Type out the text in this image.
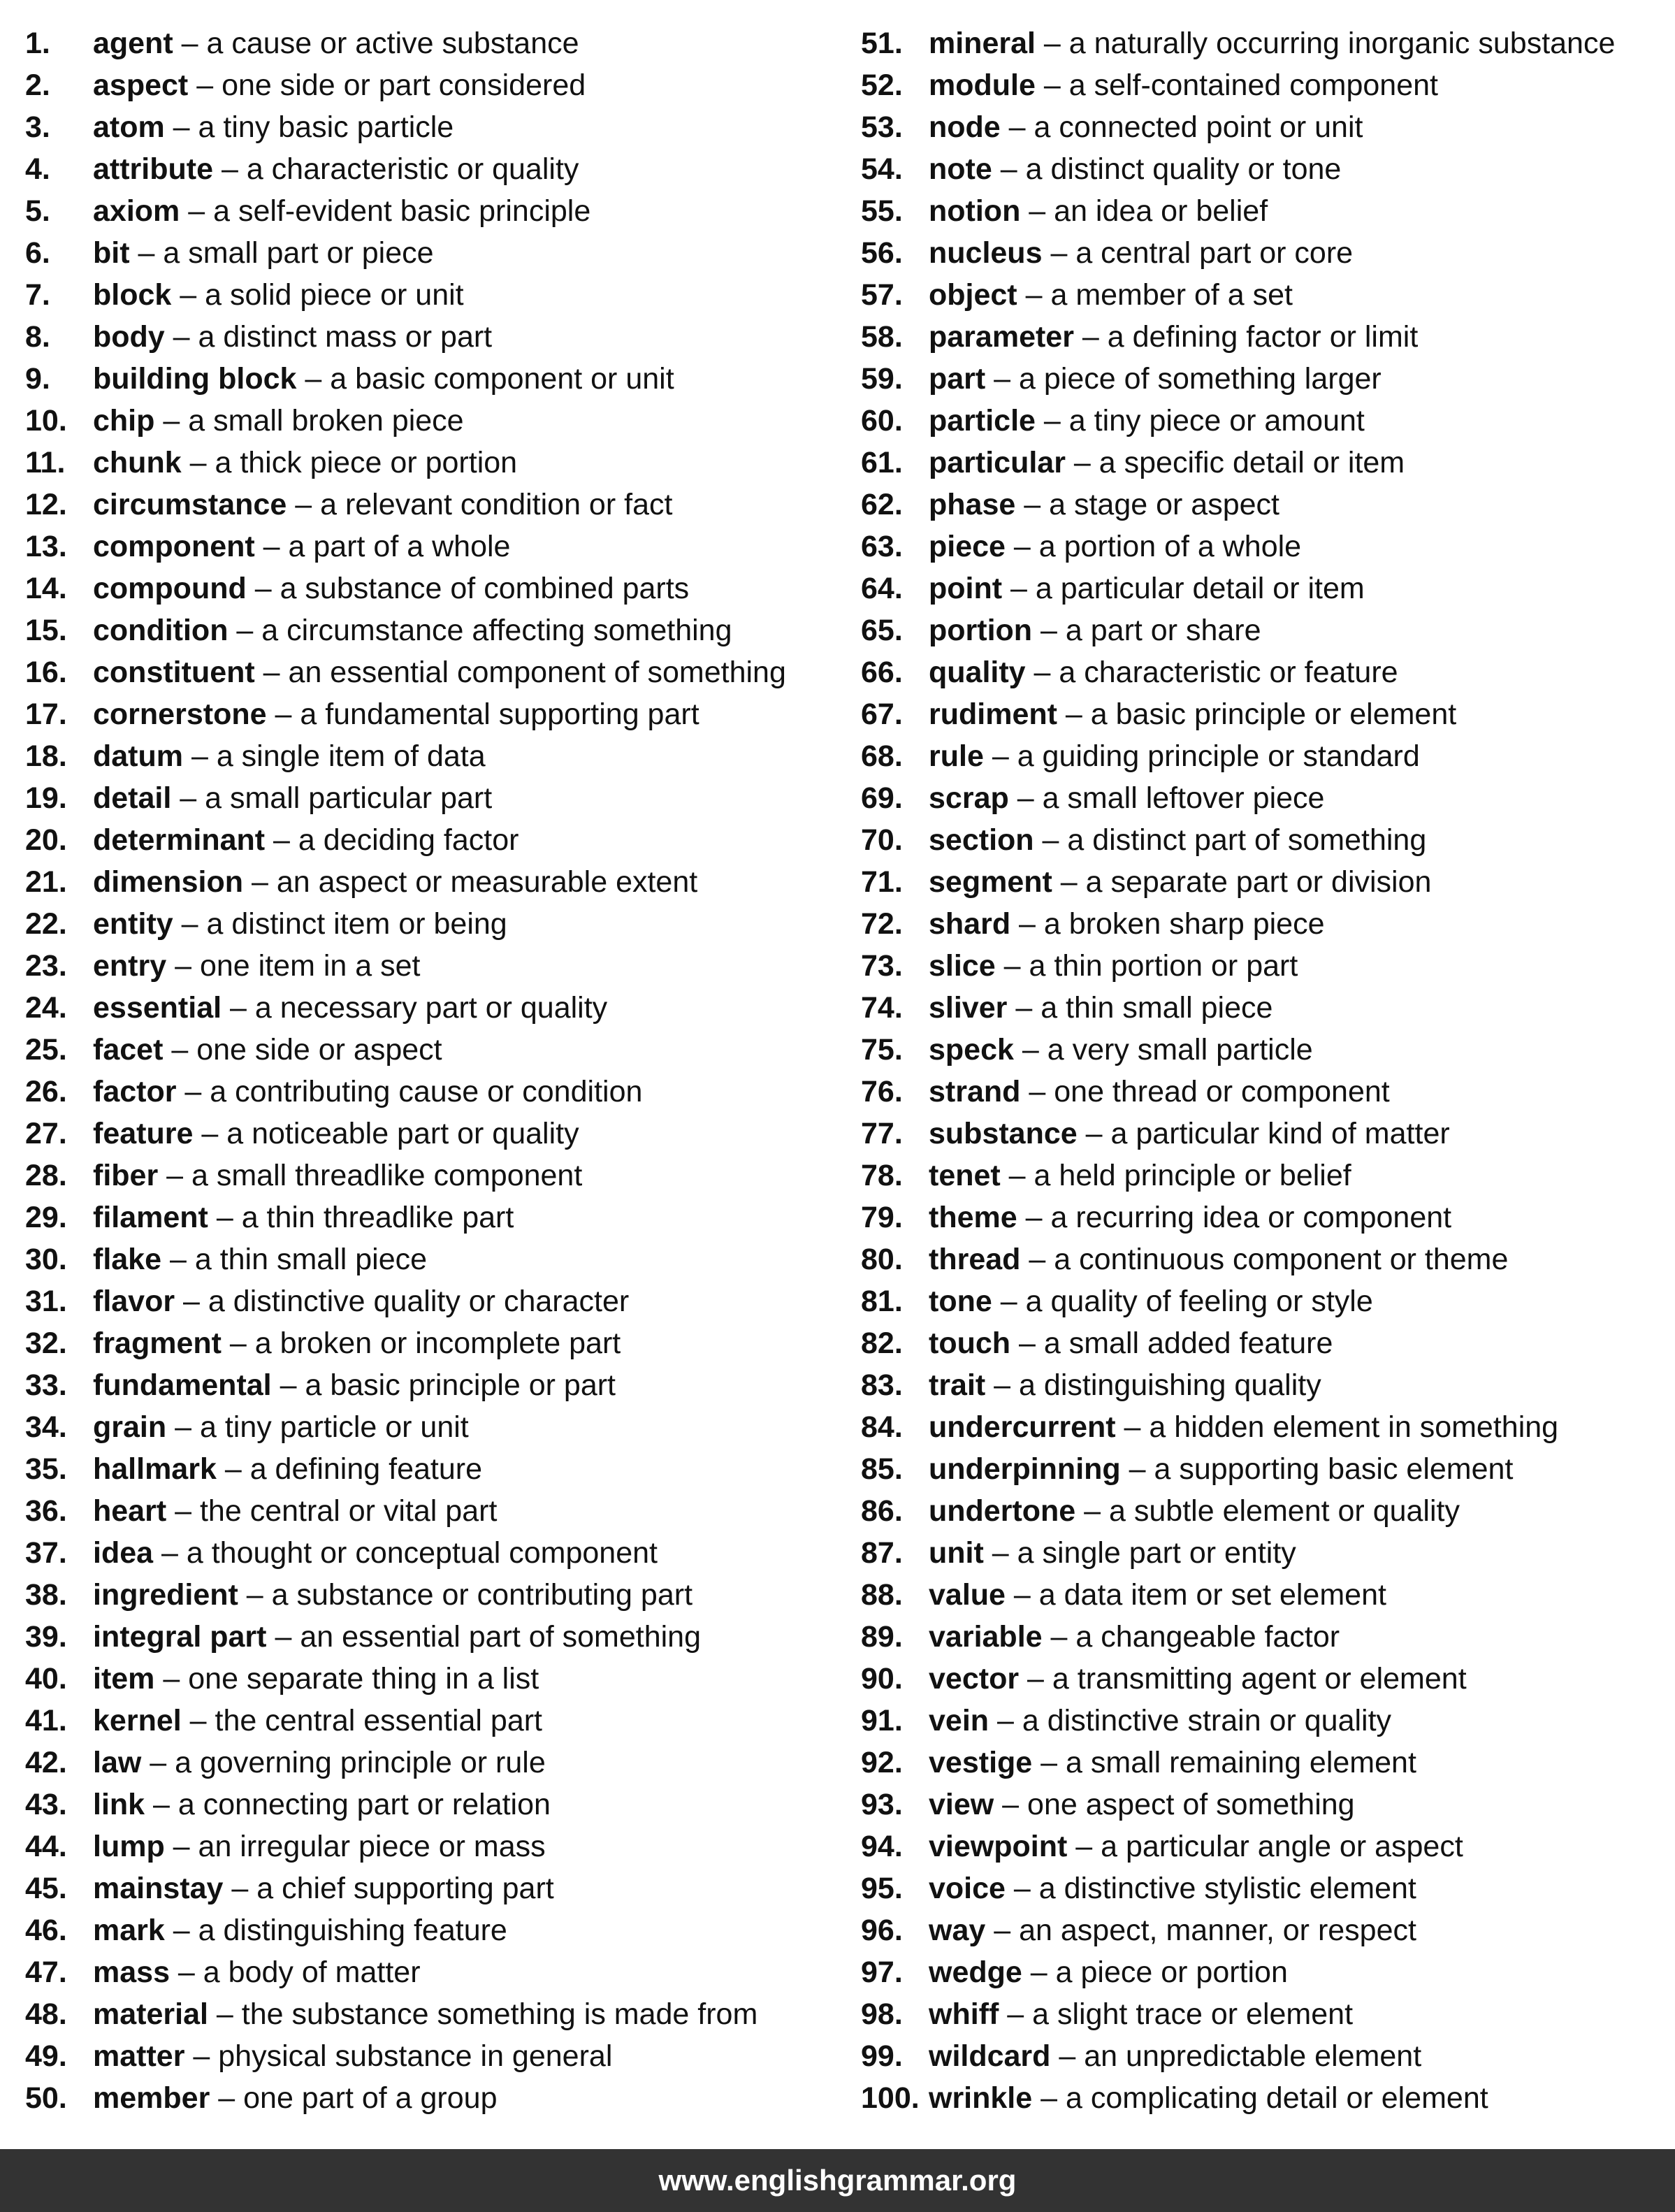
1. agent – a cause or active substance
2. aspect – one side or part considered
3. atom – a tiny basic particle
4. attribute – a characteristic or quality
5. axiom – a self-evident basic principle
6. bit – a small part or piece
7. block – a solid piece or unit
8. body – a distinct mass or part
9. building block – a basic component or unit
10. chip – a small broken piece
11. chunk – a thick piece or portion
12. circumstance – a relevant condition or fact
13. component – a part of a whole
14. compound – a substance of combined parts
15. condition – a circumstance affecting something
16. constituent – an essential component of something
17. cornerstone – a fundamental supporting part
18. datum – a single item of data
19. detail – a small particular part
20. determinant – a deciding factor
21. dimension – an aspect or measurable extent
22. entity – a distinct item or being
23. entry – one item in a set
24. essential – a necessary part or quality
25. facet – one side or aspect
26. factor – a contributing cause or condition
27. feature – a noticeable part or quality
28. fiber – a small threadlike component
29. filament – a thin threadlike part
30. flake – a thin small piece
31. flavor – a distinctive quality or character
32. fragment – a broken or incomplete part
33. fundamental – a basic principle or part
34. grain – a tiny particle or unit
35. hallmark – a defining feature
36. heart – the central or vital part
37. idea – a thought or conceptual component
38. ingredient – a substance or contributing part
39. integral part – an essential part of something
40. item – one separate thing in a list
41. kernel – the central essential part
42. law – a governing principle or rule
43. link – a connecting part or relation
44. lump – an irregular piece or mass
45. mainstay – a chief supporting part
46. mark – a distinguishing feature
47. mass – a body of matter
48. material – the substance something is made from
49. matter – physical substance in general
50. member – one part of a group
51. mineral – a naturally occurring inorganic substance
52. module – a self-contained component
53. node – a connected point or unit
54. note – a distinct quality or tone
55. notion – an idea or belief
56. nucleus – a central part or core
57. object – a member of a set
58. parameter – a defining factor or limit
59. part – a piece of something larger
60. particle – a tiny piece or amount
61. particular – a specific detail or item
62. phase – a stage or aspect
63. piece – a portion of a whole
64. point – a particular detail or item
65. portion – a part or share
66. quality – a characteristic or feature
67. rudiment – a basic principle or element
68. rule – a guiding principle or standard
69. scrap – a small leftover piece
70. section – a distinct part of something
71. segment – a separate part or division
72. shard – a broken sharp piece
73. slice – a thin portion or part
74. sliver – a thin small piece
75. speck – a very small particle
76. strand – one thread or component
77. substance – a particular kind of matter
78. tenet – a held principle or belief
79. theme – a recurring idea or component
80. thread – a continuous component or theme
81. tone – a quality of feeling or style
82. touch – a small added feature
83. trait – a distinguishing quality
84. undercurrent – a hidden element in something
85. underpinning – a supporting basic element
86. undertone – a subtle element or quality
87. unit – a single part or entity
88. value – a data item or set element
89. variable – a changeable factor
90. vector – a transmitting agent or element
91. vein – a distinctive strain or quality
92. vestige – a small remaining element
93. view – one aspect of something
94. viewpoint – a particular angle or aspect
95. voice – a distinctive stylistic element
96. way – an aspect, manner, or respect
97. wedge – a piece or portion
98. whiff – a slight trace or element
99. wildcard – an unpredictable element
100. wrinkle – a complicating detail or element
www.englishgrammar.org
